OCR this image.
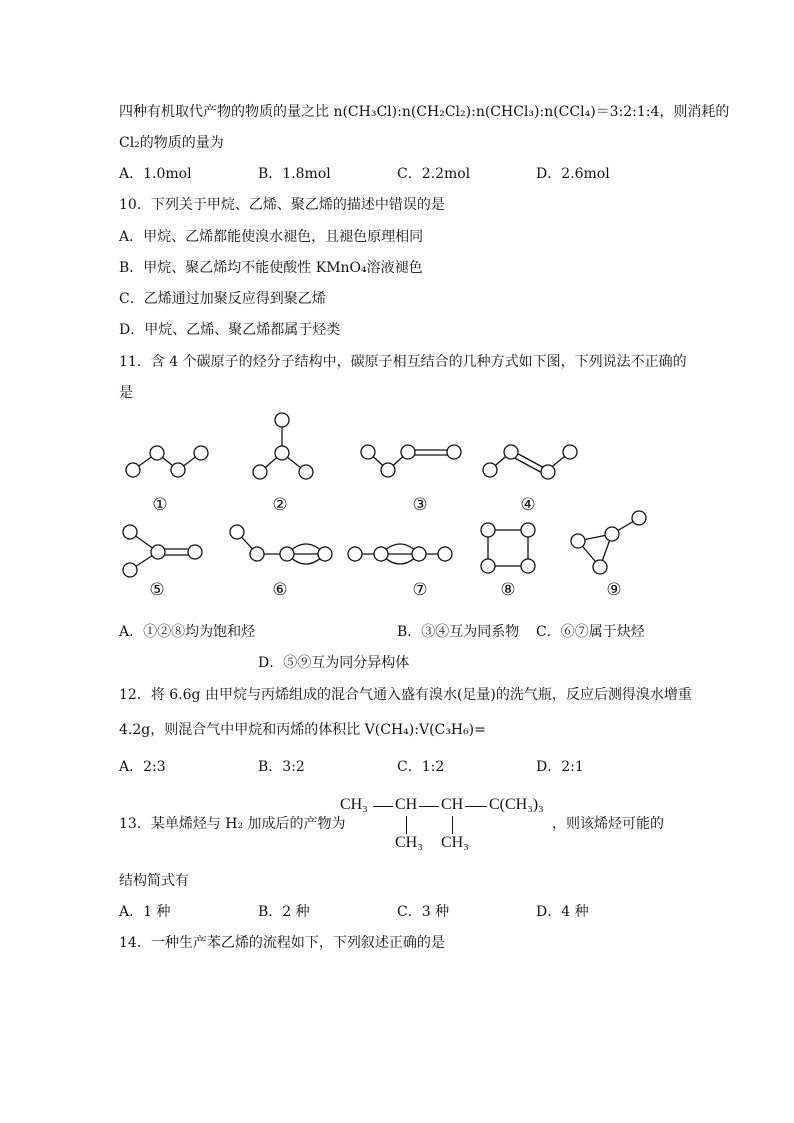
四种有机取代产物的物质的量之比 n(CH₃Cl):n(CH₂Cl₂):n(CHCl₃):n(CCl₄)＝3:2:1:4，则消耗的
Cl₂的物质的量为
A．1.0mol	B．1.8mol	C．2.2mol	D．2.6mol
10．下列关于甲烷、乙烯、聚乙烯的描述中错误的是
A．甲烷、乙烯都能使溴水褪色，且褪色原理相同
B．甲烷、聚乙烯均不能使酸性 KMnO₄溶液褪色
C．乙烯通过加聚反应得到聚乙烯
D．甲烷、乙烯、聚乙烯都属于烃类
11．含 4 个碳原子的烃分子结构中，碳原子相互结合的几种方式如下图，下列说法不正确的
是
①	②	③	④
⑤	⑥	⑦	⑧	⑨
A．①②⑧均为饱和烃	B．③④互为同系物 C．⑥⑦属于炔烃
D．⑤⑨互为同分异构体
12．将 6.6g 由甲烷与丙烯组成的混合气通入盛有溴水(足量)的洗气瓶，反应后测得溴水增重
4.2g，则混合气中甲烷和丙烯的体积比 V(CH₄):V(C₃H₆)=
A．2:3	B．3:2	C．1:2	D．2:1
13．某单烯烃与 H₂ 加成后的产物为
CH₃ CH CH C(CH₃)₃
CH₃ CH₃
，则该烯烃可能的
结构简式有
A．1 种	B．2 种	C．3 种	D．4 种
14．一种生产苯乙烯的流程如下，下列叙述正确的是
